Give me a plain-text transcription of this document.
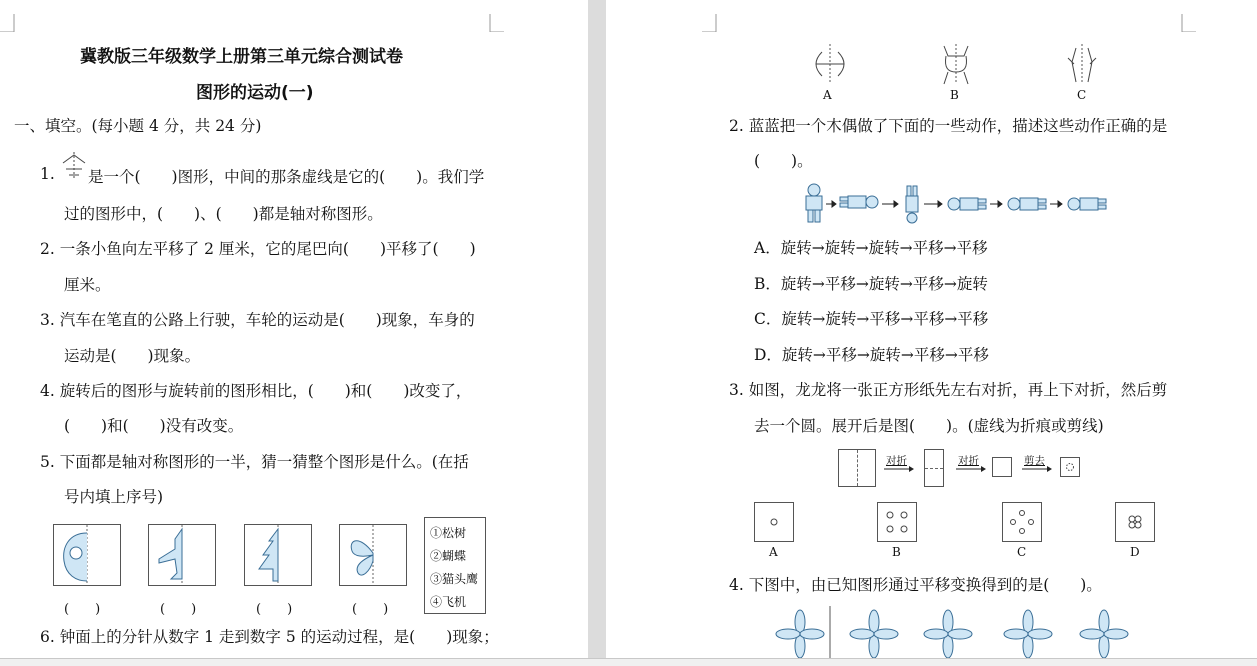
冀教版三年级数学上册第三单元综合测试卷
图形的运动(一)
一、填空。(每小题 4 分，共 24 分)
1. 是一个(　　)图形，中间的那条虚线是它的(　　)。我们学
过的图形中，(　　)、(　　)都是轴对称图形。
2. 一条小鱼向左平移了 2 厘米，它的尾巴向(　　)平移了(　　)
厘米。
3. 汽车在笔直的公路上行驶，车轮的运动是(　　)现象，车身的
运动是(　　)现象。
4. 旋转后的图形与旋转前的图形相比，(　　)和(　　)改变了，
(　　)和(　　)没有改变。
5. 下面都是轴对称图形的一半，猜一猜整个图形是什么。(在括
号内填上序号)
①松树
②蝴蝶
③猫头鹰
④飞机
(　　)	(　　)	(　　)	(　　)
6. 钟面上的分针从数字 1 走到数字 5 的运动过程，是(　　)现象；
A	B	C
2. 蓝蓝把一个木偶做了下面的一些动作，描述这些动作正确的是
(　　)。
A．旋转→旋转→旋转→平移→平移
B．旋转→平移→旋转→平移→旋转
C．旋转→旋转→平移→平移→平移
D．旋转→平移→旋转→平移→平移
3. 如图，龙龙将一张正方形纸先左右对折，再上下对折，然后剪
去一个圆。展开后是图(　　)。(虚线为折痕或剪线)
对折	对折	剪去
A	B	C	D
4. 下图中，由已知图形通过平移变换得到的是(　　)。
